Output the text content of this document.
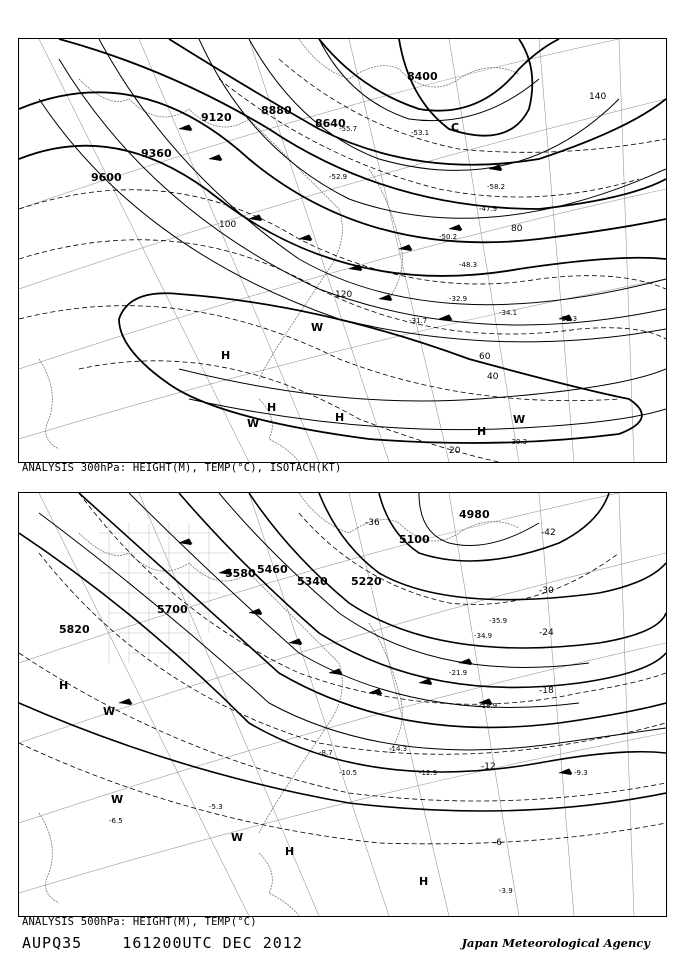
9600
9360
9120
8880
8640
8400
20
40
60
80
100
120
140
-50.2
-48.3
-47.9
-52.9
-34.1
-31.7
-32.9
-30.3
-32.3
-55.7	-53.1
-58.2
H
H
H
H
C
W
W
W
ANALYSIS 300hPa: HEIGHT(M), TEMP(°C), ISOTACH(KT)
5820
5700
5580 5460
5340 5220
5100
4980
-42
-36
-30
-24
-18
-12
-6
-35.9
-34.9
-21.9
-18.9
-14.3
-12.9	-9.3
-5.3
-3.9
-6.5
-8.7
-10.5
H
H
H
W
W
W
ANALYSIS 500hPa: HEIGHT(M), TEMP(°C)
AUPQ35	161200UTC DEC 2012	Japan Meteorological Agency
